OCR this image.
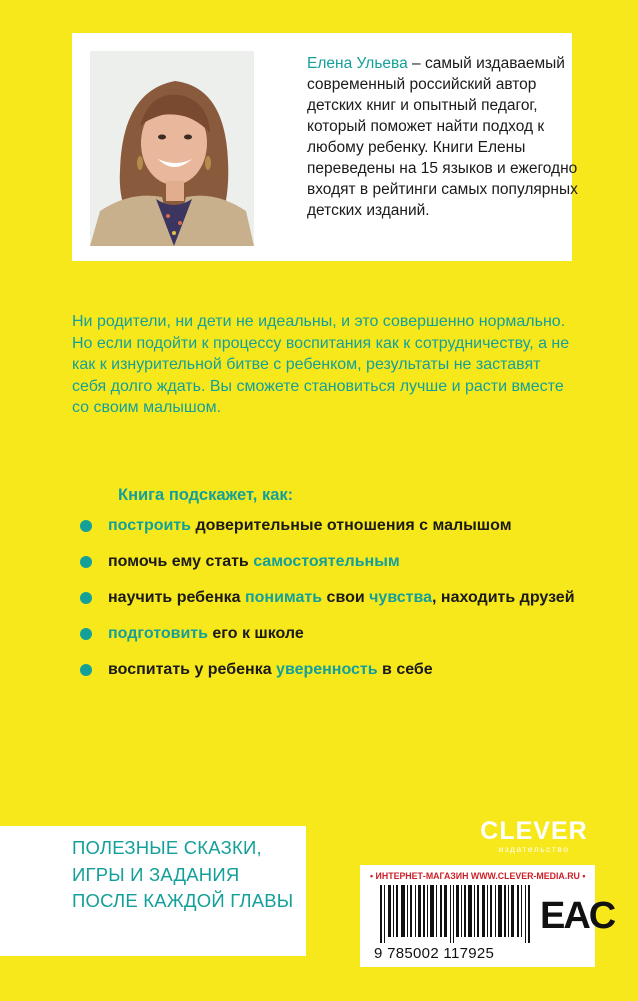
Елена Ульева – самый издаваемый современный российский автор детских книг и опытный педагог, который поможет найти подход к любому ребенку. Книги Елены переведены на 15 языков и ежегодно входят в рейтинги самых популярных детских изданий.
Ни родители, ни дети не идеальны, и это совершенно нормально. Но если подойти к процессу воспитания как к сотрудничеству, а не как к изнурительной битве с ребенком, результаты не заставят себя долго ждать. Вы сможете становиться лучше и расти вместе со своим малышом.
Книга подскажет, как:
построить доверительные отношения с малышом
помочь ему стать самостоятельным
научить ребенка понимать свои чувства, находить друзей
подготовить его к школе
воспитать у ребенка уверенность в себе
ПОЛЕЗНЫЕ СКАЗКИ, ИГРЫ И ЗАДАНИЯ ПОСЛЕ КАЖДОЙ ГЛАВЫ
CLEVER
издательство
• ИНТЕРНЕТ-МАГАЗИН WWW.CLEVER-MEDIA.RU •
9 785002 117925
EAC
